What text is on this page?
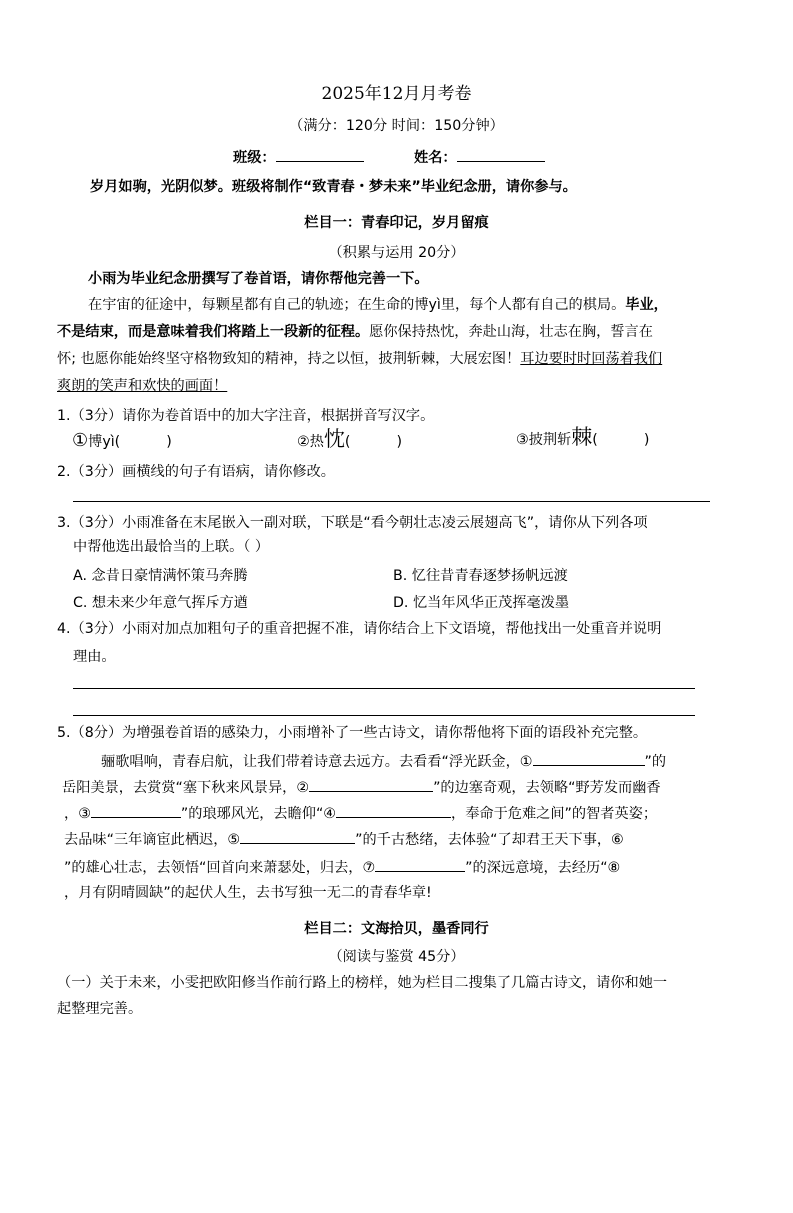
2025年12月月考卷
（满分：120分 时间：150分钟）
班级：	姓名：
岁月如驹，光阴似梦。班级将制作“致青春・梦未来”毕业纪念册，请你参与。
栏目一：青春印记，岁月留痕
（积累与运用 20分）
小雨为毕业纪念册撰写了卷首语，请你帮他完善一下。
在宇宙的征途中，每颗星都有自己的轨迹；在生命的博yì里，每个人都有自己的棋局。毕业，
不是结束，而是意味着我们将踏上一段新的征程。愿你保持热忱，奔赴山海，壮志在胸，誓言在
怀; 也愿你能始终坚守格物致知的精神，持之以恒，披荆斩棘，大展宏图！耳边要时时回荡着我们
爽朗的笑声和欢快的画面！
1.（3分）请你为卷首语中的加大字注音，根据拼音写汉字。
①博yì(	)	②热忱(	)	③披荆斩棘(	)
2.（3分）画横线的句子有语病，请你修改。
3.（3分）小雨准备在末尾嵌入一副对联，下联是“看今朝壮志凌云展翅高飞”，请你从下列各项
中帮他选出最恰当的上联。（ ）
A. 念昔日豪情满怀策马奔腾	B. 忆往昔青春逐梦扬帆远渡
C. 想未来少年意气挥斥方遒	D. 忆当年风华正茂挥毫泼墨
4.（3分）小雨对加点加粗句子的重音把握不准，请你结合上下文语境，帮他找出一处重音并说明
理由。
5.（8分）为增强卷首语的感染力，小雨增补了一些古诗文，请你帮他将下面的语段补充完整。
骊歌唱响，青春启航，让我们带着诗意去远方。去看看“浮光跃金，①	”的
岳阳美景，去赏赏“塞下秋来风景异，②	”的边塞奇观，去领略“野芳发而幽香
，③	”的琅琊风光，去瞻仰“④	，奉命于危难之间”的智者英姿；
去品味“三年谪宦此栖迟，⑤	”的千古愁绪，去体验“了却君王天下事，⑥
”的雄心壮志，去领悟“回首向来萧瑟处，归去，⑦	”的深远意境，去经历“⑧
，月有阴晴圆缺”的起伏人生，去书写独一无二的青春华章!
栏目二：文海拾贝，墨香同行
（阅读与鉴赏 45分）
（一）关于未来，小雯把欧阳修当作前行路上的榜样，她为栏目二搜集了几篇古诗文，请你和她一
起整理完善。
